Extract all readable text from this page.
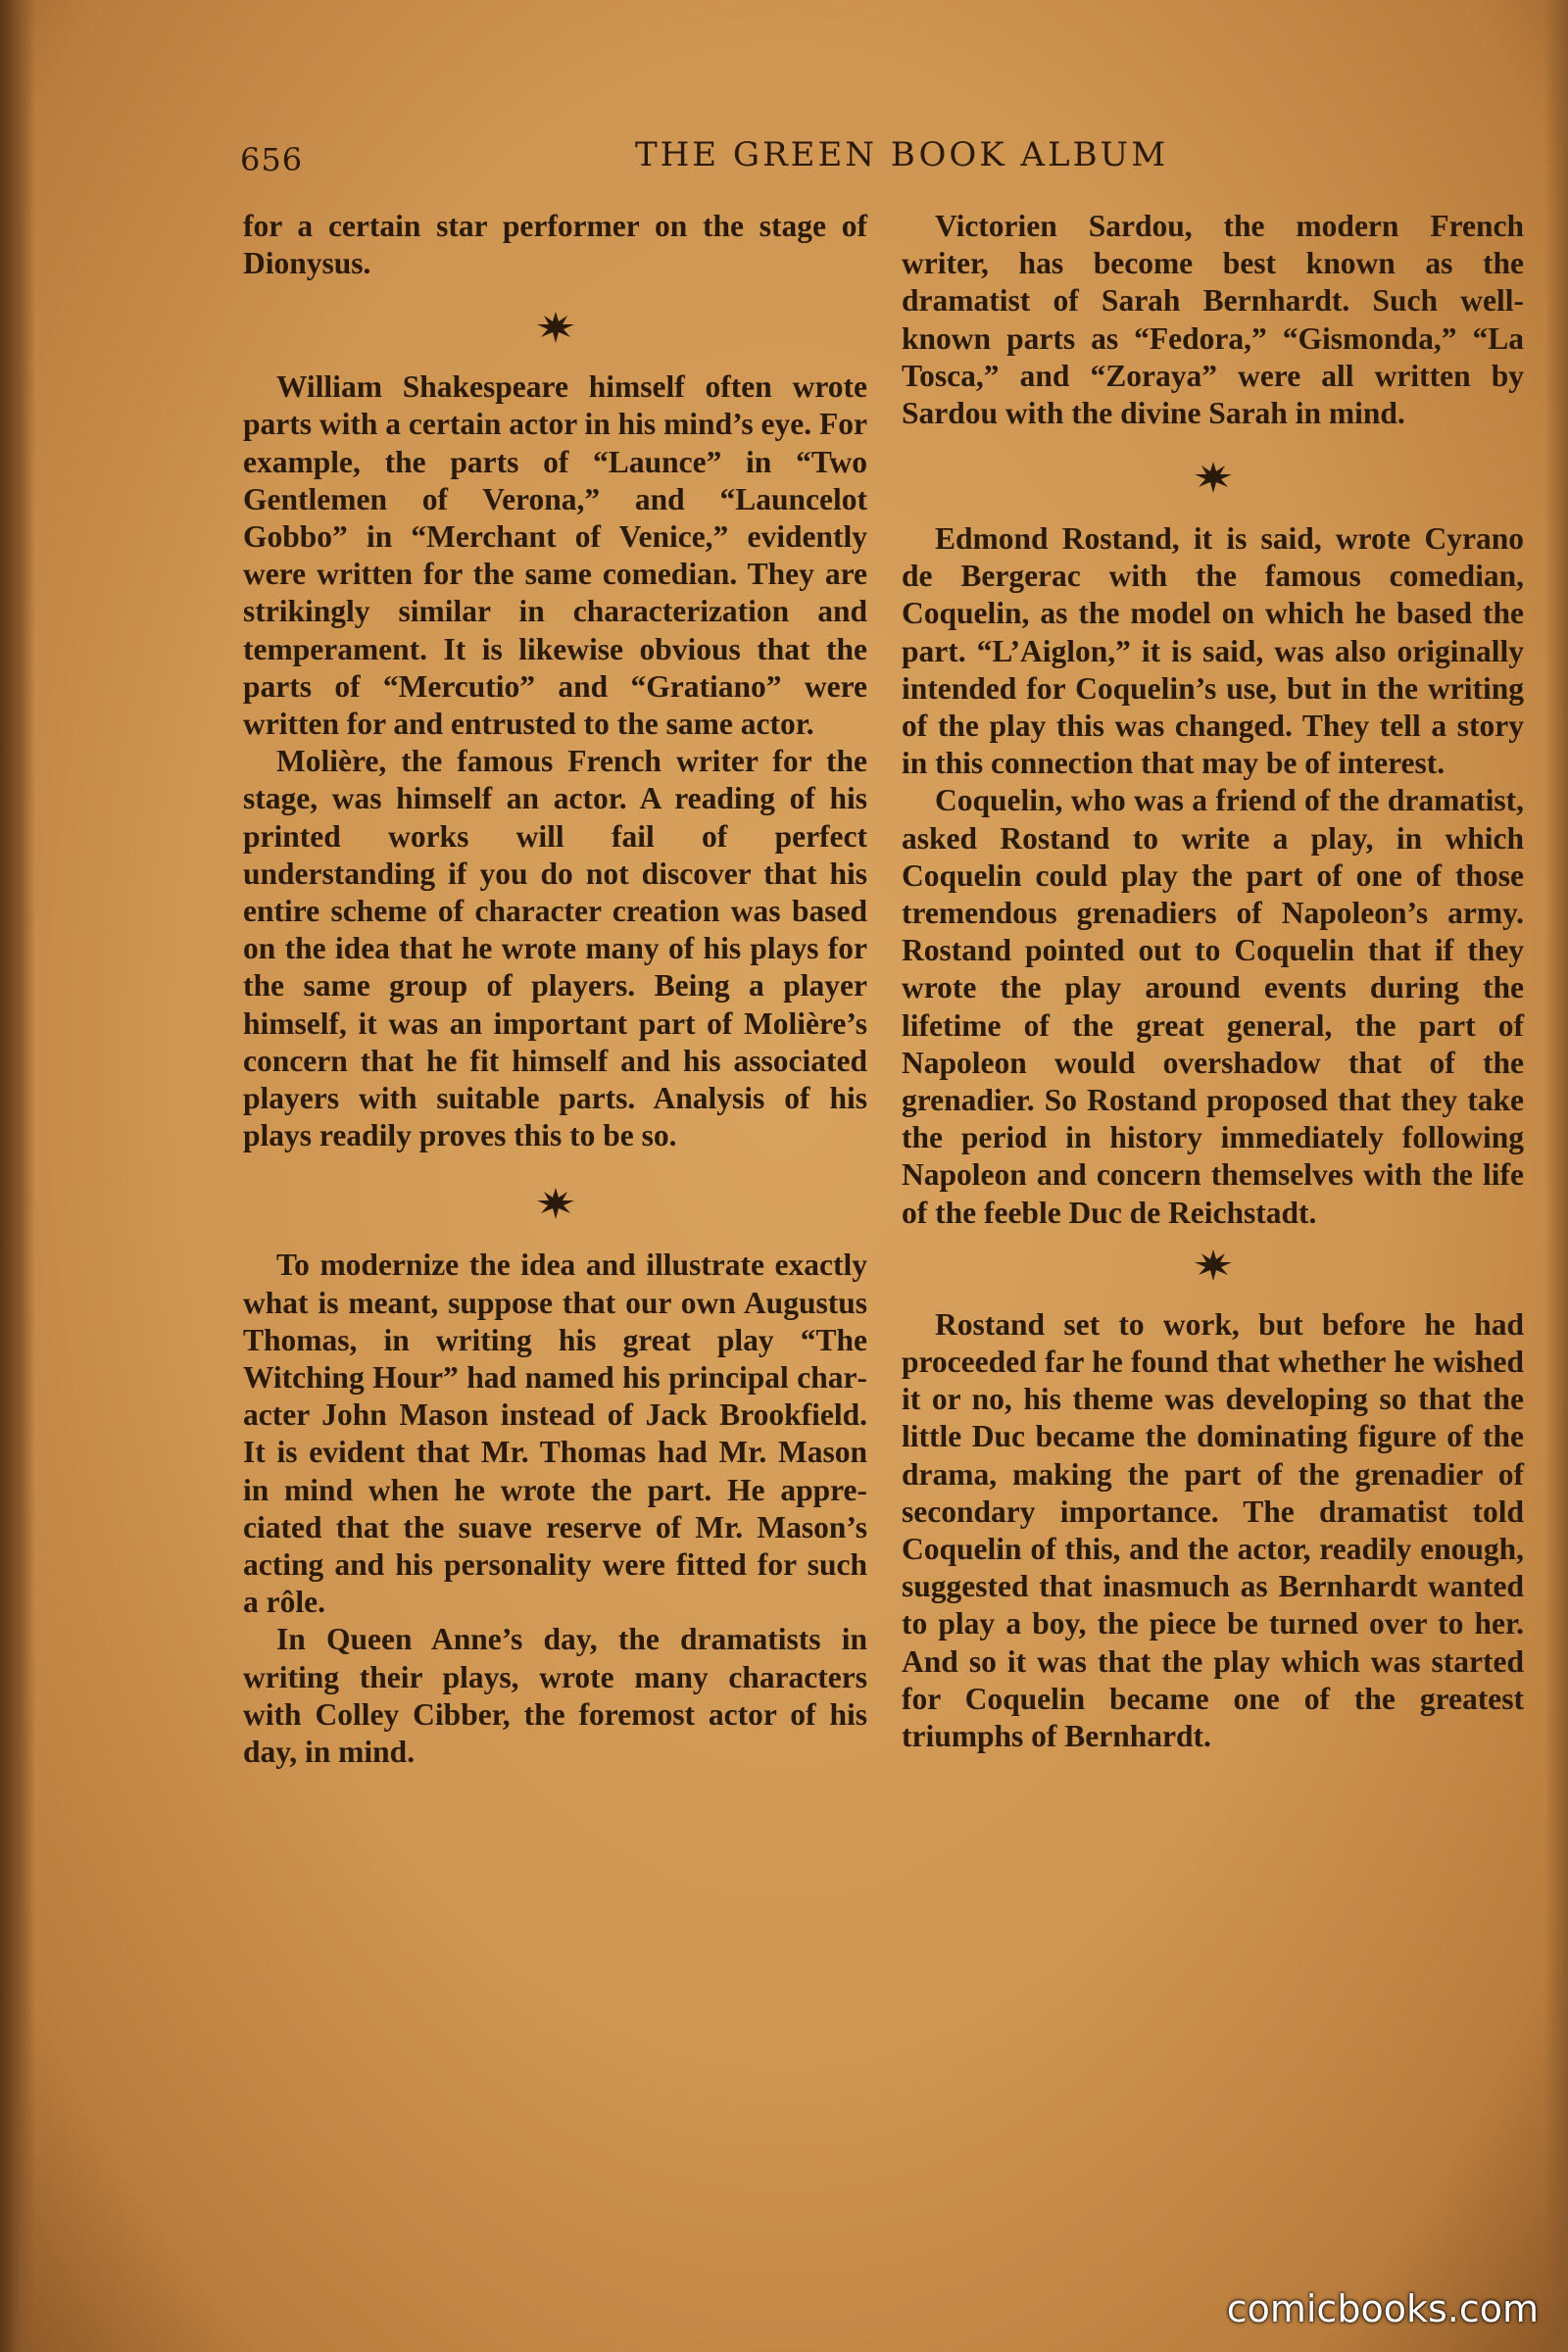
656	THE GREEN BOOK ALBUM

for a certain star performer on the stage of Dionysus.

William Shakespeare himself often wrote parts with a certain actor in his mind’s eye. For example, the parts of “Launce” in “Two Gentlemen of Verona,” and “Launcelot Gobbo” in “Merchant of Venice,” evidently were written for the same comedian. They are strikingly similar in characterization and temperament. It is likewise obvious that the parts of “Mercutio” and “Gratiano” were written for and entrusted to the same actor.

Molière, the famous French writer for the stage, was himself an actor. A reading of his printed works will fail of perfect understanding if you do not discover that his entire scheme of character creation was based on the idea that he wrote many of his plays for the same group of players. Being a player himself, it was an important part of Molière’s concern that he fit himself and his associated players with suitable parts. Analysis of his plays readily proves this to be so.

To modernize the idea and illustrate exactly what is meant, suppose that our own Augustus Thomas, in writing his great play “The Witching Hour” had named his principal character John Mason instead of Jack Brookfield. It is evident that Mr. Thomas had Mr. Mason in mind when he wrote the part. He appreciated that the suave reserve of Mr. Mason’s acting and his personality were fitted for such a rôle.

In Queen Anne’s day, the dramatists in writing their plays, wrote many characters with Colley Cibber, the foremost actor of his day, in mind.

Victorien Sardou, the modern French writer, has become best known as the dramatist of Sarah Bernhardt. Such well-known parts as “Fedora,” “Gismonda,” “La Tosca,” and “Zoraya” were all written by Sardou with the divine Sarah in mind.

Edmond Rostand, it is said, wrote Cyrano de Bergerac with the famous comedian, Coquelin, as the model on which he based the part. “L’Aiglon,” it is said, was also originally intended for Coquelin’s use, but in the writing of the play this was changed. They tell a story in this connection that may be of interest.

Coquelin, who was a friend of the dramatist, asked Rostand to write a play, in which Coquelin could play the part of one of those tremendous grenadiers of Napoleon’s army. Rostand pointed out to Coquelin that if they wrote the play around events during the lifetime of the great general, the part of Napoleon would overshadow that of the grenadier. So Rostand proposed that they take the period in history immediately following Napoleon and concern themselves with the life of the feeble Duc de Reichstadt.

Rostand set to work, but before he had proceeded far he found that whether he wished it or no, his theme was developing so that the little Duc became the dominating figure of the drama, making the part of the grenadier of secondary importance. The dramatist told Coquelin of this, and the actor, readily enough, suggested that inasmuch as Bernhardt wanted to play a boy, the piece be turned over to her. And so it was that the play which was started for Coquelin became one of the greatest triumphs of Bernhardt.

comicbooks.com
